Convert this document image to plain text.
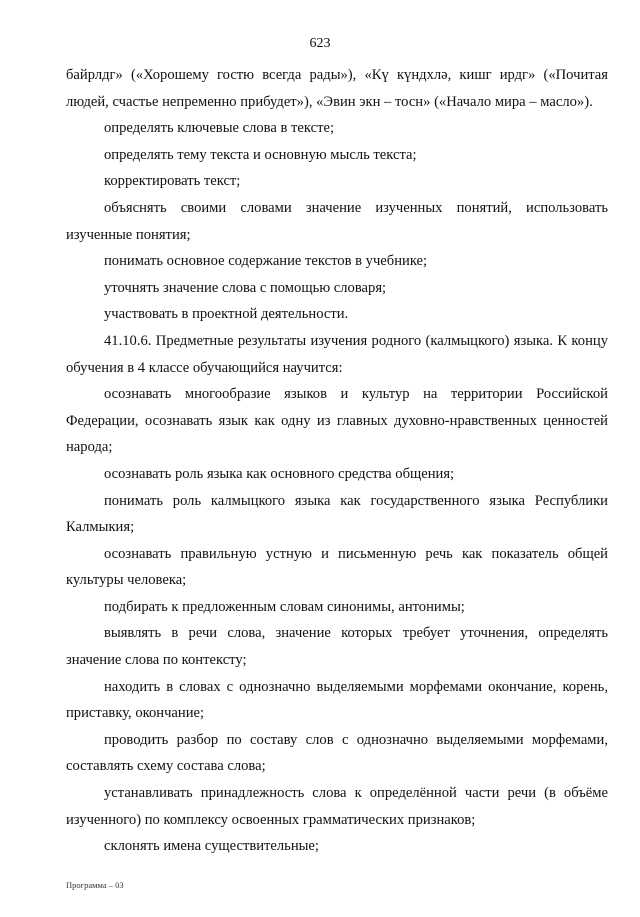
623

байрлдг» («Хорошему гостю всегда рады»), «Кү күндхлә, кишг ирдг» («Почитая людей, счастье непременно прибудет»), «Эвин экн – тосн» («Начало мира – масло»).

определять ключевые слова в тексте;

определять тему текста и основную мысль текста;

корректировать текст;

объяснять своими словами значение изученных понятий, использовать изученные понятия;

понимать основное содержание текстов в учебнике;

уточнять значение слова с помощью словаря;

участвовать в проектной деятельности.

41.10.6. Предметные результаты изучения родного (калмыцкого) языка. К концу обучения в 4 классе обучающийся научится:

осознавать многообразие языков и культур на территории Российской Федерации, осознавать язык как одну из главных духовно-нравственных ценностей народа;

осознавать роль языка как основного средства общения;

понимать роль калмыцкого языка как государственного языка Республики Калмыкия;

осознавать правильную устную и письменную речь как показатель общей культуры человека;

подбирать к предложенным словам синонимы, антонимы;

выявлять в речи слова, значение которых требует уточнения, определять значение слова по контексту;

находить в словах с однозначно выделяемыми морфемами окончание, корень, приставку, окончание;

проводить разбор по составу слов с однозначно выделяемыми морфемами, составлять схему состава слова;

устанавливать принадлежность слова к определённой части речи (в объёме изученного) по комплексу освоенных грамматических признаков;

склонять имена существительные;

Программа – 03
